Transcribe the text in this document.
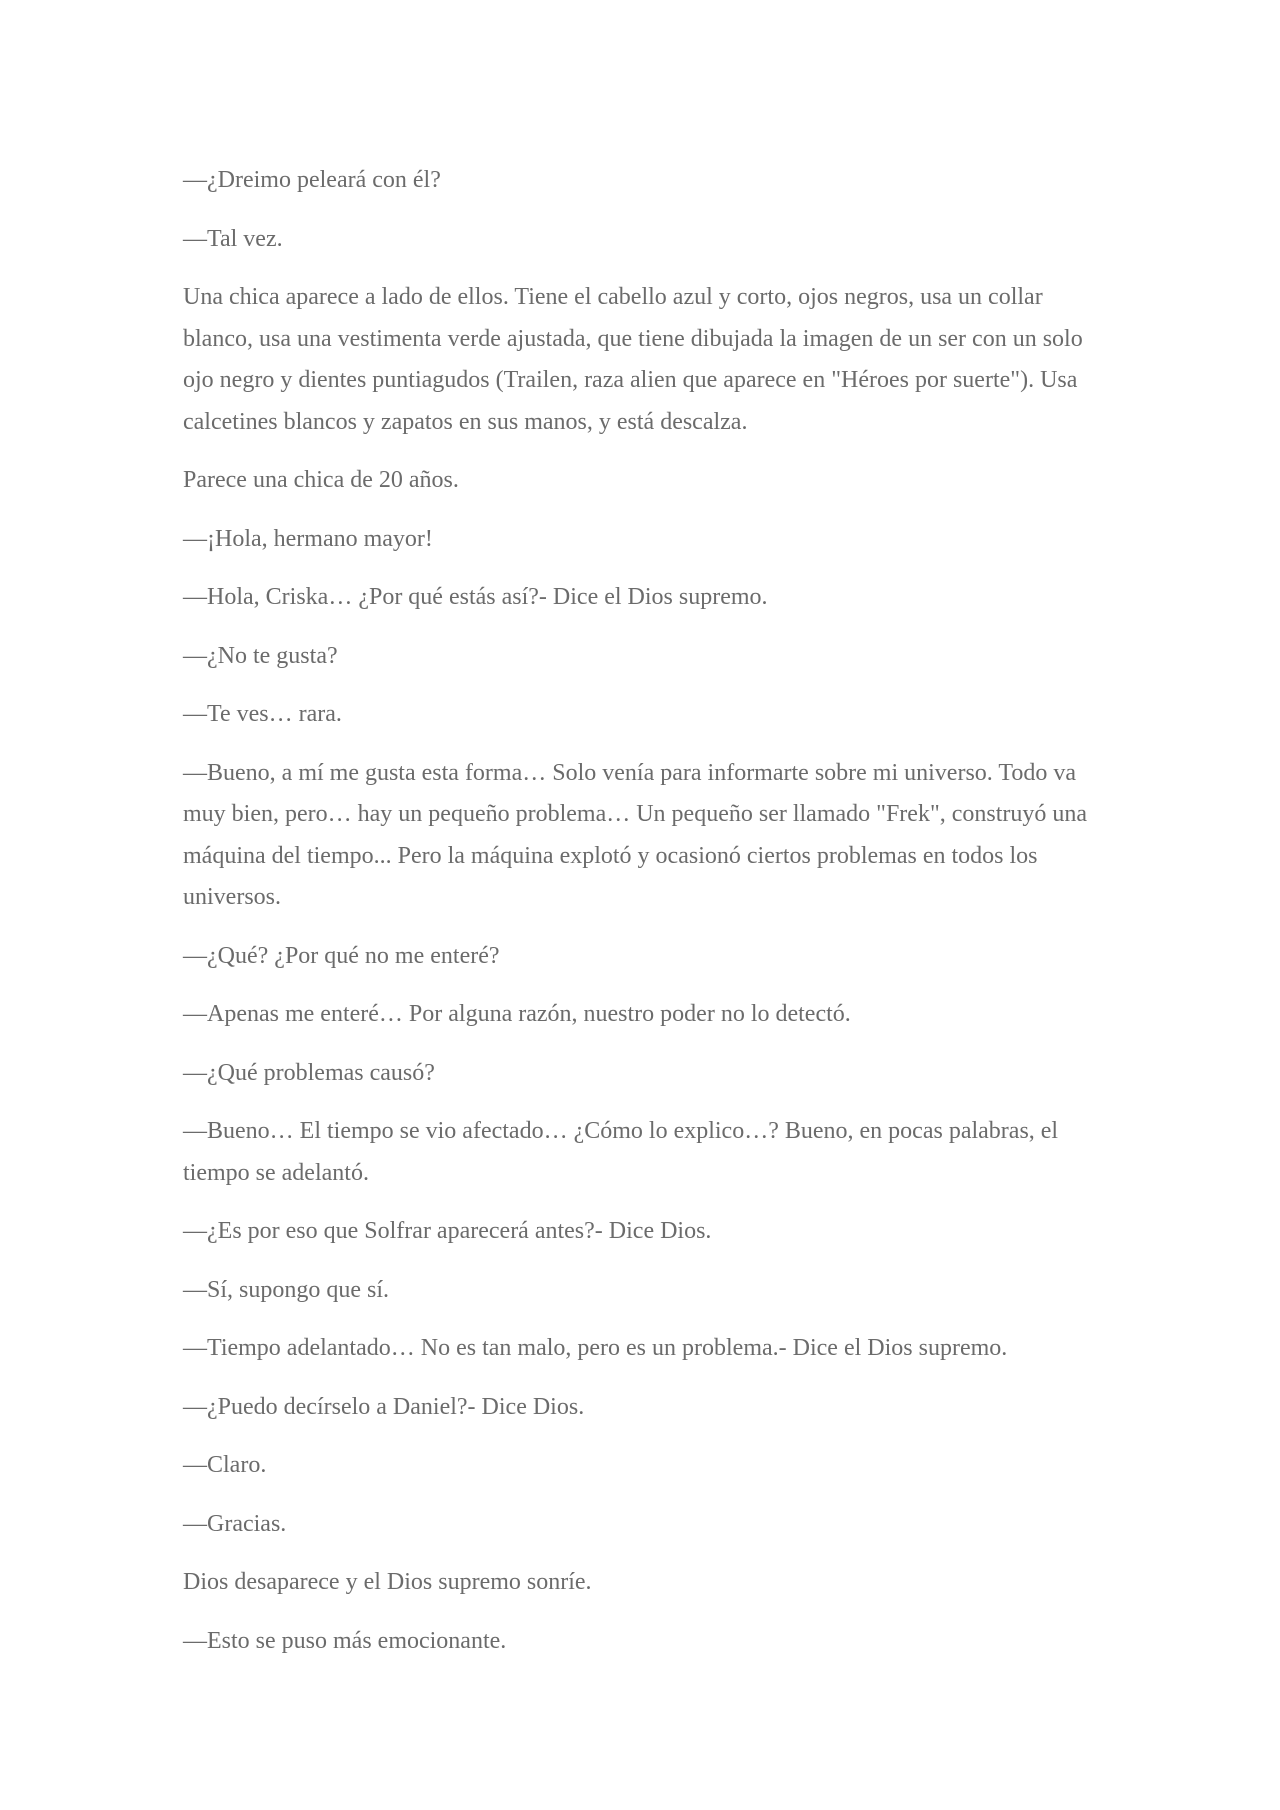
—¿Dreimo peleará con él?

—Tal vez.

Una chica aparece a lado de ellos. Tiene el cabello azul y corto, ojos negros, usa un collar blanco, usa una vestimenta verde ajustada, que tiene dibujada la imagen de un ser con un solo ojo negro y dientes puntiagudos (Trailen, raza alien que aparece en "Héroes por suerte"). Usa calcetines blancos y zapatos en sus manos, y está descalza.

Parece una chica de 20 años.

—¡Hola, hermano mayor!

—Hola, Criska… ¿Por qué estás así?- Dice el Dios supremo.

—¿No te gusta?

—Te ves… rara.

—Bueno, a mí me gusta esta forma… Solo venía para informarte sobre mi universo. Todo va muy bien, pero… hay un pequeño problema… Un pequeño ser llamado "Frek", construyó una máquina del tiempo... Pero la máquina explotó y ocasionó ciertos problemas en todos los universos.

—¿Qué? ¿Por qué no me enteré?

—Apenas me enteré… Por alguna razón, nuestro poder no lo detectó.

—¿Qué problemas causó?

—Bueno… El tiempo se vio afectado… ¿Cómo lo explico…? Bueno, en pocas palabras, el tiempo se adelantó.

—¿Es por eso que Solfrar aparecerá antes?- Dice Dios.

—Sí, supongo que sí.

—Tiempo adelantado… No es tan malo, pero es un problema.- Dice el Dios supremo.

—¿Puedo decírselo a Daniel?- Dice Dios.

—Claro.

—Gracias.

Dios desaparece y el Dios supremo sonríe.

—Esto se puso más emocionante.
